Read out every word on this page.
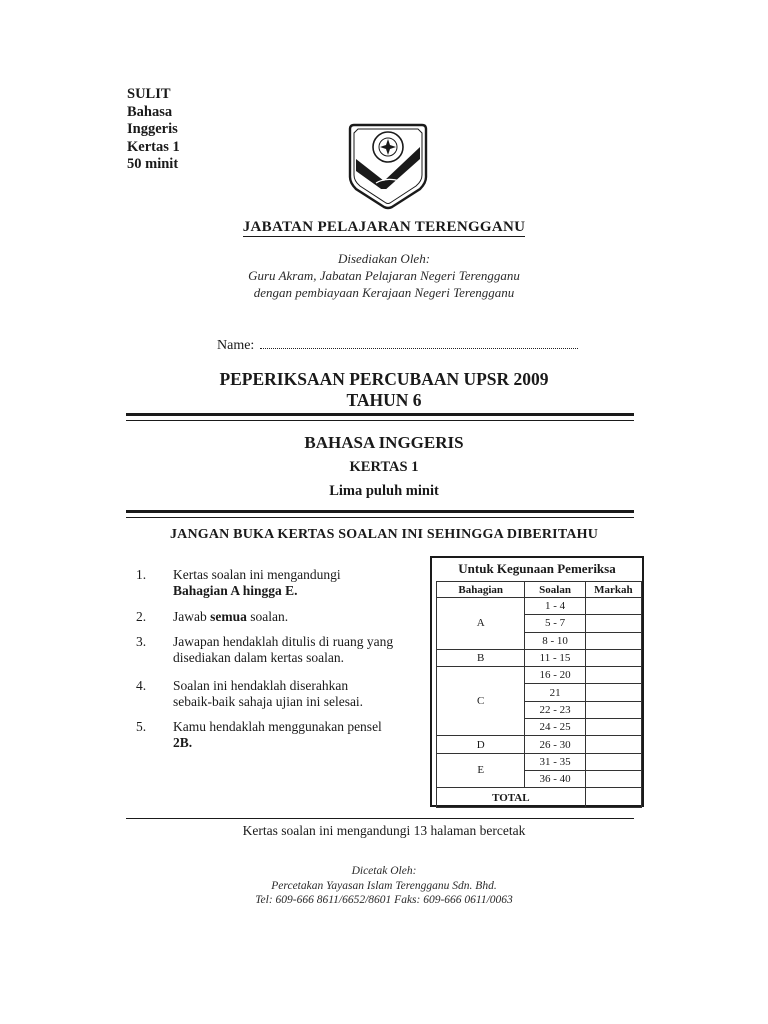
SULIT
Bahasa
Inggeris
Kertas 1
50 minit
JABATAN PELAJARAN TERENGGANU
Disediakan Oleh:
Guru Akram, Jabatan Pelajaran Negeri Terengganu
dengan pembiayaan Kerajaan Negeri Terengganu
Name:
PEPERIKSAAN PERCUBAAN UPSR 2009
TAHUN 6
BAHASA INGGERIS
KERTAS 1
Lima puluh minit
JANGAN BUKA KERTAS SOALAN INI SEHINGGA DIBERITAHU
1. Kertas soalan ini mengandungi
Bahagian A hingga E.
2. Jawab semua soalan.
3. Jawapan hendaklah ditulis di ruang yang disediakan dalam kertas soalan.
4. Soalan ini hendaklah diserahkan sebaik-baik sahaja ujian ini selesai.
5. Kamu hendaklah menggunakan pensel
2B.
Untuk Kegunaan Pemeriksa
Bahagian	Soalan	Markah
A	1 - 4	
	5 - 7	
	8 - 10	
B	11 - 15	
C	16 - 20	
	21	
	22 - 23	
	24 - 25	
D	26 - 30	
E	31 - 35	
	36 - 40	
TOTAL		
Kertas soalan ini mengandungi 13 halaman bercetak
Dicetak Oleh:
Percetakan Yayasan Islam Terengganu Sdn. Bhd.
Tel: 609-666 8611/6652/8601 Faks: 609-666 0611/0063
